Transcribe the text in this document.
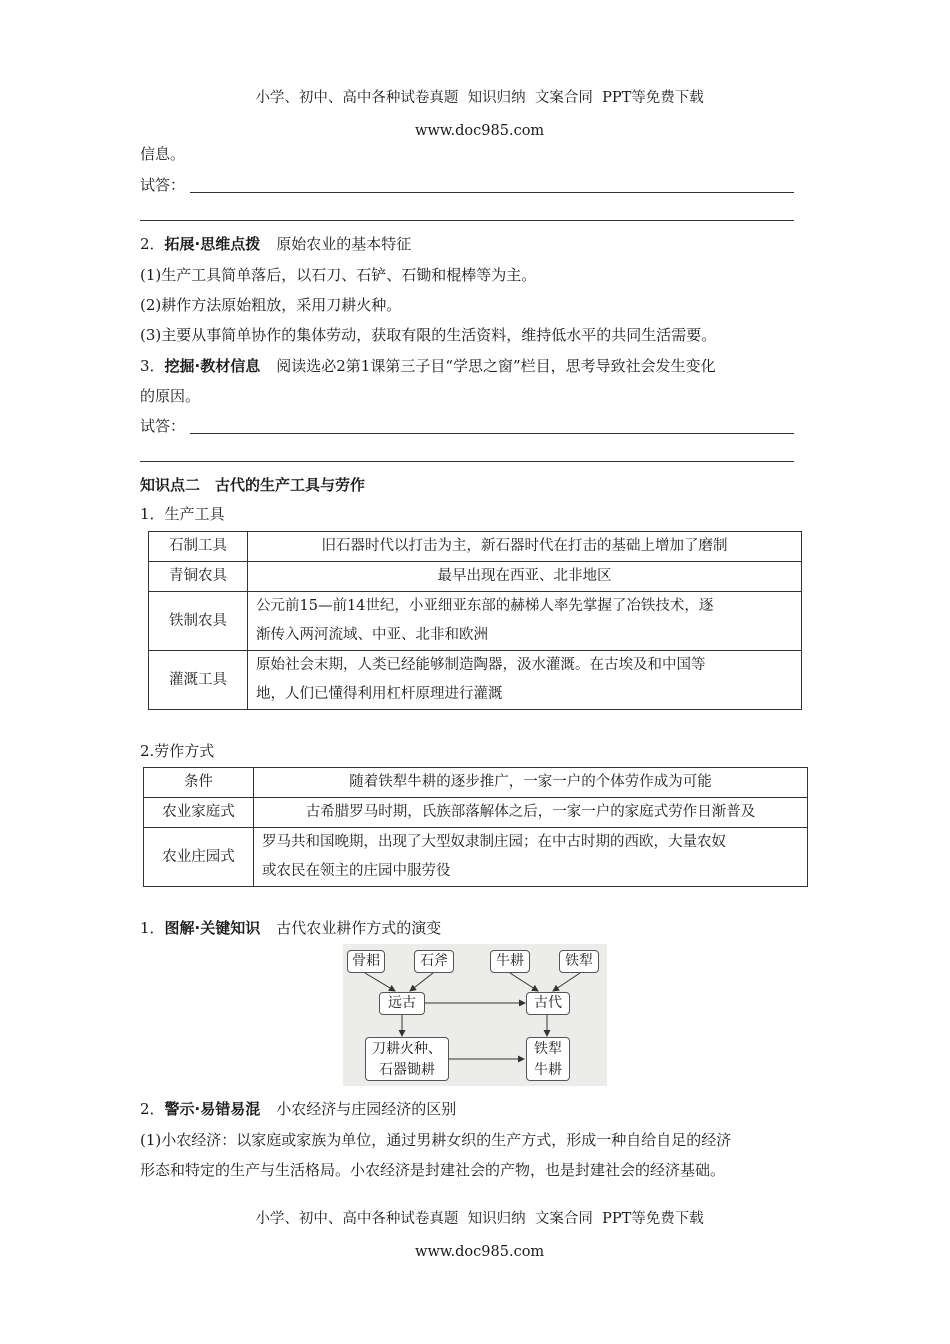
小学、初中、高中各种试卷真题  知识归纳  文案合同  PPT等免费下载

www.doc985.com

信息。
试答：
2．拓展·思维点拨 原始农业的基本特征
(1)生产工具简单落后，以石刀、石铲、石锄和棍棒等为主。
(2)耕作方法原始粗放，采用刀耕火种。
(3)主要从事简单协作的集体劳动，获取有限的生活资料，维持低水平的共同生活需要。
3．挖掘·教材信息 阅读选必2第1课第三子目“学思之窗”栏目，思考导致社会发生变化
的原因。
试答：
知识点二　古代的生产工具与劳作
1．生产工具
石制工具	旧石器时代以打击为主，新石器时代在打击的基础上增加了磨制
青铜农具	最早出现在西亚、北非地区
铁制农具	公元前15—前14世纪，小亚细亚东部的赫梯人率先掌握了冶铁技术，逐
渐传入两河流域、中亚、北非和欧洲

灌溉工具	原始社会末期，人类已经能够制造陶器，汲水灌溉。在古埃及和中国等
地，人们已懂得利用杠杆原理进行灌溉
2.劳作方式
条件	随着铁犁牛耕的逐步推广，一家一户的个体劳作成为可能
农业家庭式	古希腊罗马时期，氏族部落解体之后，一家一户的家庭式劳作日渐普及
农业庄园式	罗马共和国晚期，出现了大型奴隶制庄园；在中古时期的西欧，大量农奴
或农民在领主的庄园中服劳役
1．图解·关键知识 古代农业耕作方式的演变
骨耜	石斧	牛耕	铁犁
远古	古代
刀耕火种、
石器锄耕
铁犁
牛耕
2．警示·易错易混 小农经济与庄园经济的区别
(1)小农经济：以家庭或家族为单位，通过男耕女织的生产方式，形成一种自给自足的经济
形态和特定的生产与生活格局。小农经济是封建社会的产物，也是封建社会的经济基础。

小学、初中、高中各种试卷真题  知识归纳  文案合同  PPT等免费下载

www.doc985.com
